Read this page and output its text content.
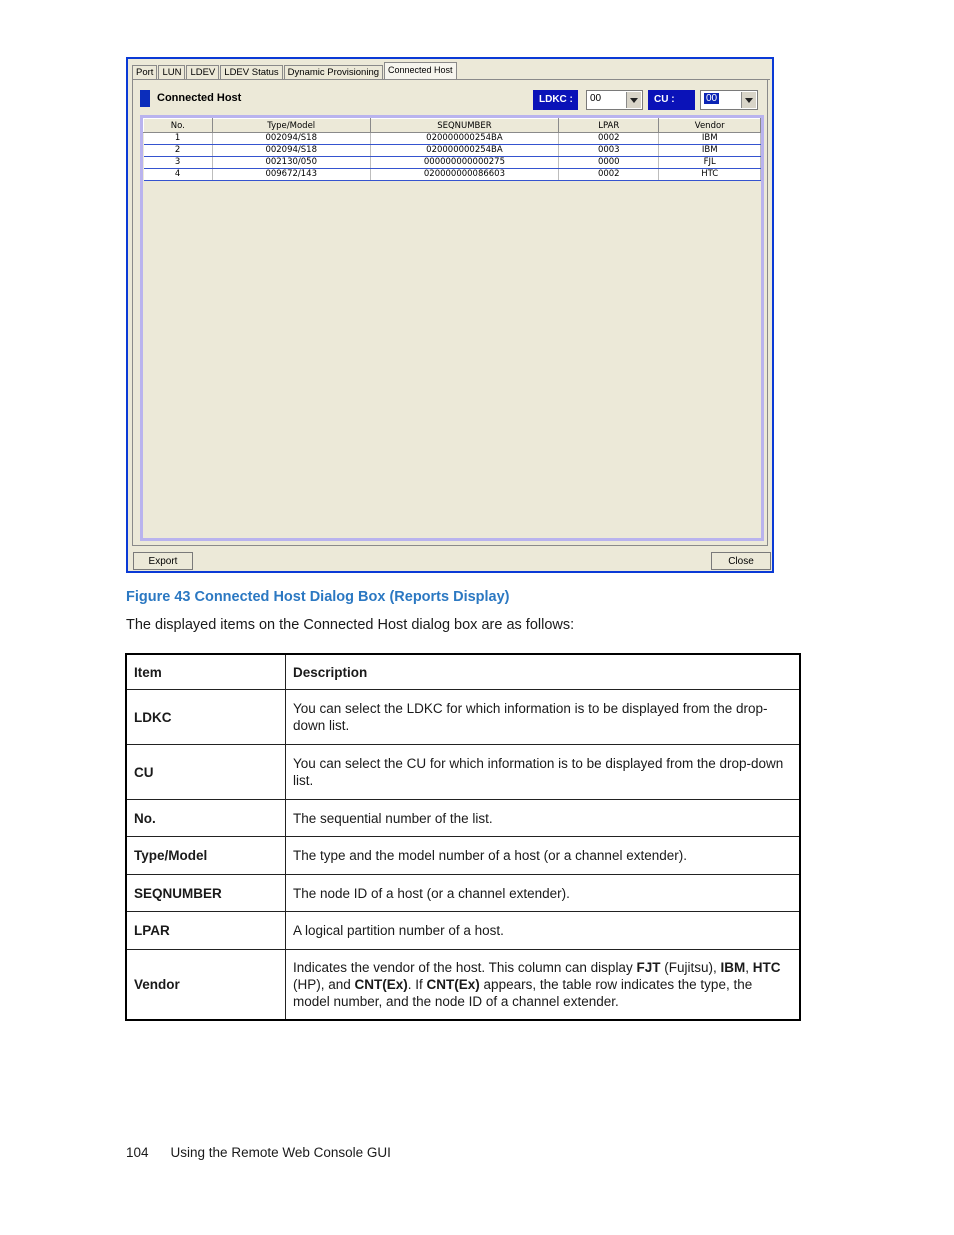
Port LUN LDEV LDEV Status Dynamic Provisioning	Connected Host
Connected Host	LDKC :	00	CU :	00
No.	Type/Model	SEQNUMBER	LPAR	Vendor
1	002094/S18	020000000254BA	0002	IBM
2	002094/S18	020000000254BA	0003	IBM
3	002130/050	000000000000275	0000	FJL
4	009672/143	020000000086603	0002	HTC
Export	Close
Figure 43 Connected Host Dialog Box (Reports Display)
The displayed items on the Connected Host dialog box are as follows:
Item	Description
LDKC	You can select the LDKC for which information is to be displayed from the drop-down list.
CU	You can select the CU for which information is to be displayed from the drop-down list.
No.	The sequential number of the list.
Type/Model	The type and the model number of a host (or a channel extender).
SEQNUMBER	The node ID of a host (or a channel extender).
LPAR	A logical partition number of a host.
Vendor	Indicates the vendor of the host. This column can display FJT (Fujitsu), IBM, HTC (HP), and CNT(Ex). If CNT(Ex) appears, the table row indicates the type, the model number, and the node ID of a channel extender.
104 Using the Remote Web Console GUI
